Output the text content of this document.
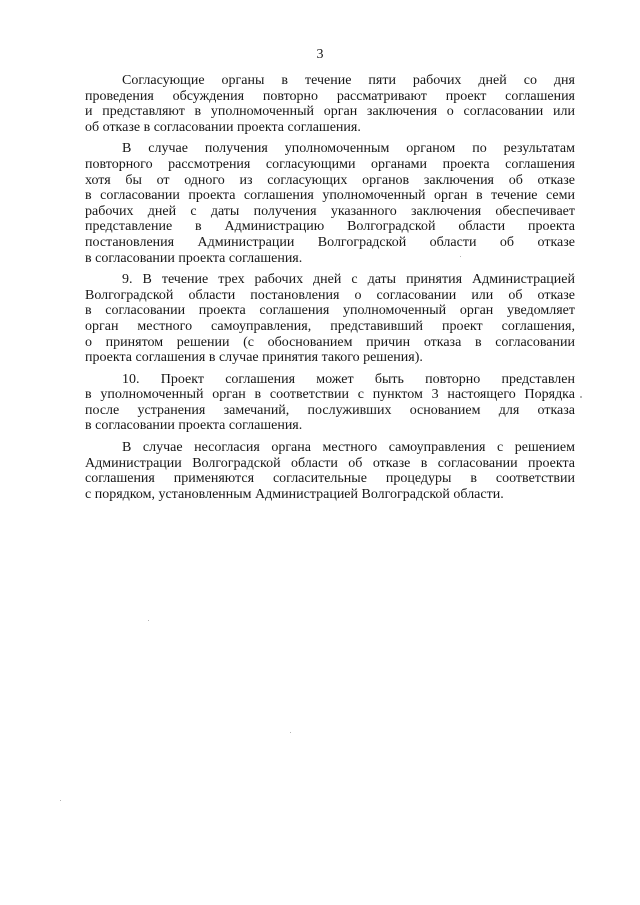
3
Согласующие органы в течение пяти рабочих дней со дня
проведения обсуждения повторно рассматривают проект соглашения
и представляют в уполномоченный орган заключения о согласовании или
об отказе в согласовании проекта соглашения.
В случае получения уполномоченным органом по результатам
повторного рассмотрения согласующими органами проекта соглашения
хотя бы от одного из согласующих органов заключения об отказе
в согласовании проекта соглашения уполномоченный орган в течение семи
рабочих дней с даты получения указанного заключения обеспечивает
представление в Администрацию Волгоградской области проекта
постановления Администрации Волгоградской области об отказе
в согласовании проекта соглашения.
9. В течение трех рабочих дней с даты принятия Администрацией
Волгоградской области постановления о согласовании или об отказе
в согласовании проекта соглашения уполномоченный орган уведомляет
орган местного самоуправления, представивший проект соглашения,
о принятом решении (с обоснованием причин отказа в согласовании
проекта соглашения в случае принятия такого решения).
10. Проект соглашения может быть повторно представлен
в уполномоченный орган в соответствии с пунктом 3 настоящего Порядка
после устранения замечаний, послуживших основанием для отказа
в согласовании проекта соглашения.
В случае несогласия органа местного самоуправления с решением
Администрации Волгоградской области об отказе в согласовании проекта
соглашения применяются согласительные процедуры в соответствии
с порядком, установленным Администрацией Волгоградской области.
